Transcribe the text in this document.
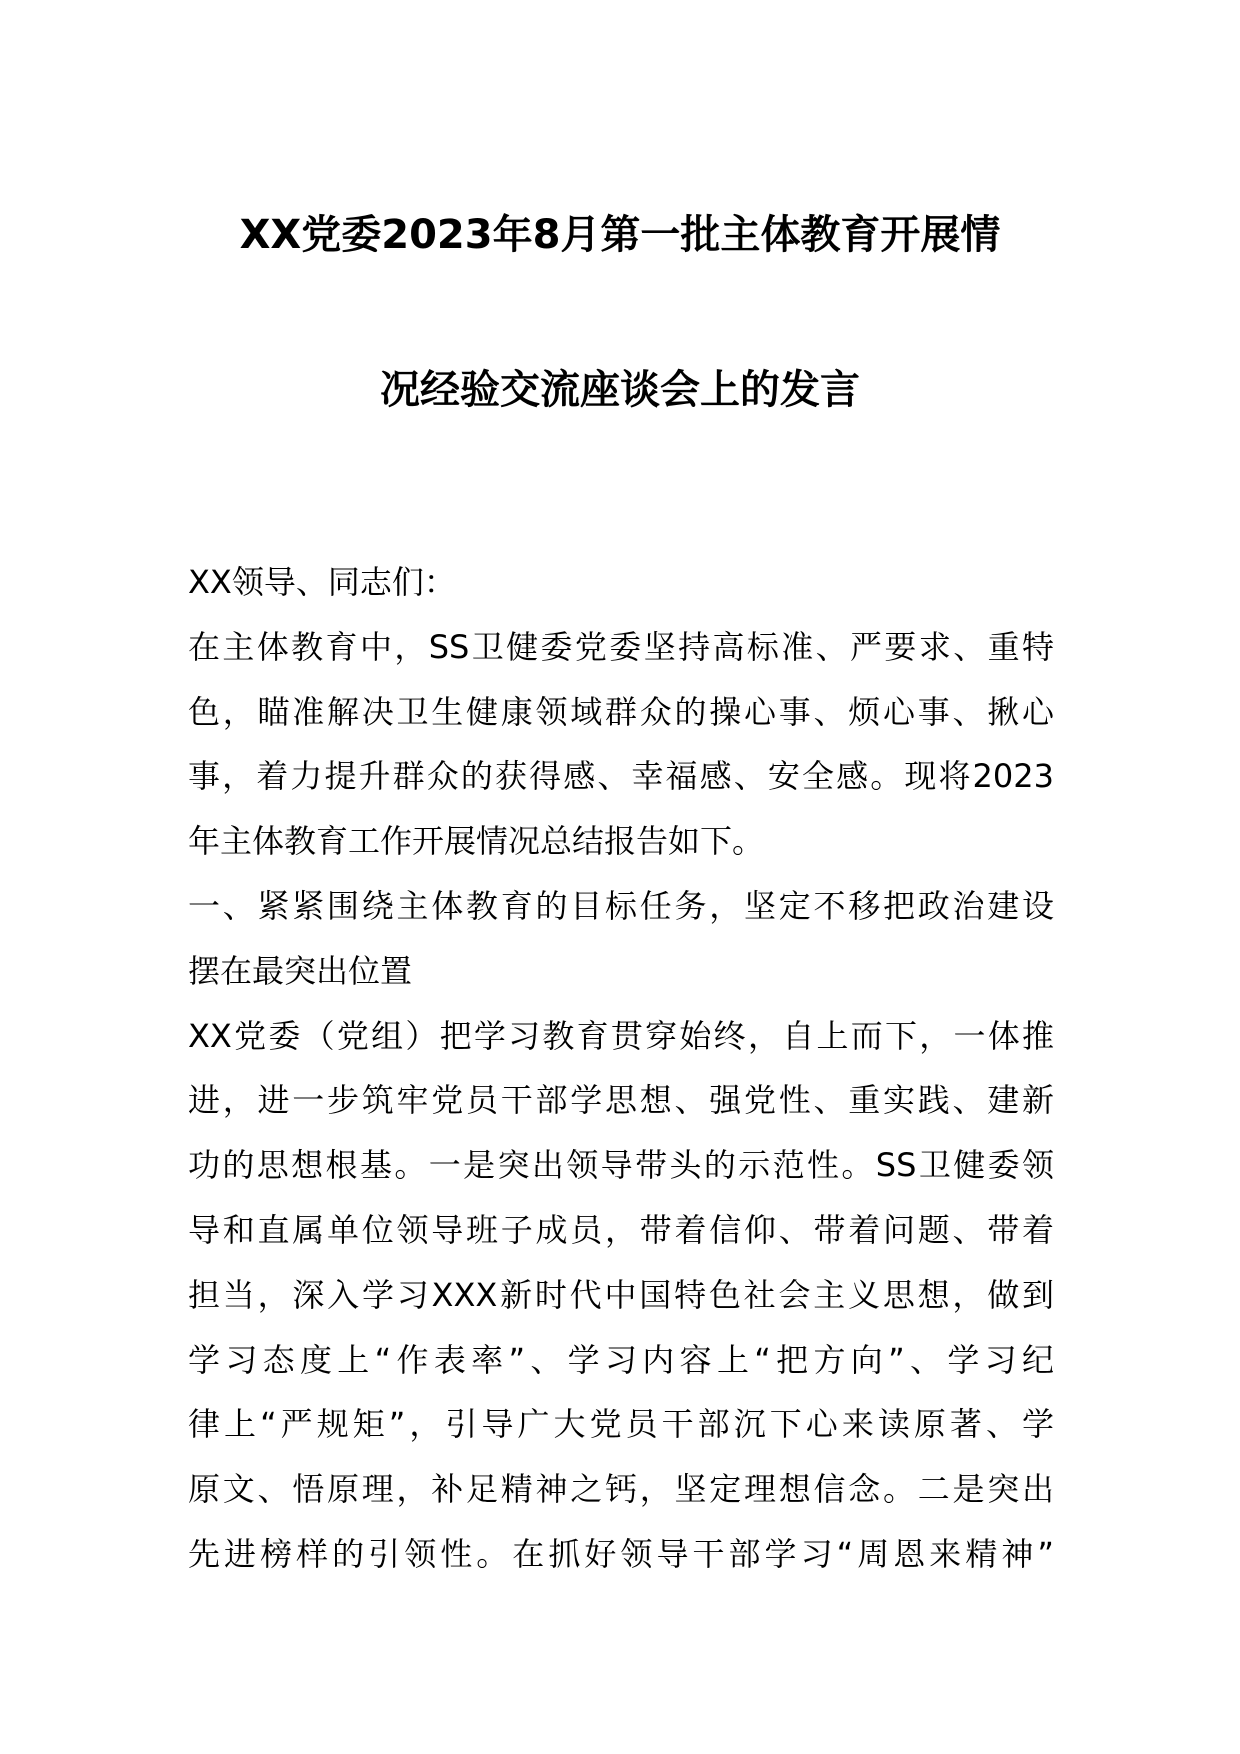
XX党委2023年8月第一批主体教育开展情
况经验交流座谈会上的发言
XX领导、同志们：
在主体教育中，SS卫健委党委坚持高标准、严要求、重特
色，瞄准解决卫生健康领域群众的操心事、烦心事、揪心
事，着力提升群众的获得感、幸福感、安全感。现将2023
年主体教育工作开展情况总结报告如下。
一、紧紧围绕主体教育的目标任务，坚定不移把政治建设
摆在最突出位置
XX党委（党组）把学习教育贯穿始终，自上而下，一体推
进，进一步筑牢党员干部学思想、强党性、重实践、建新
功的思想根基。一是突出领导带头的示范性。SS卫健委领
导和直属单位领导班子成员，带着信仰、带着问题、带着
担当，深入学习XXX新时代中国特色社会主义思想，做到
学习态度上“作表率”、学习内容上“把方向”、学习纪
律上“严规矩”，引导广大党员干部沉下心来读原著、学
原文、悟原理，补足精神之钙，坚定理想信念。二是突出
先进榜样的引领性。在抓好领导干部学习“周恩来精神”
